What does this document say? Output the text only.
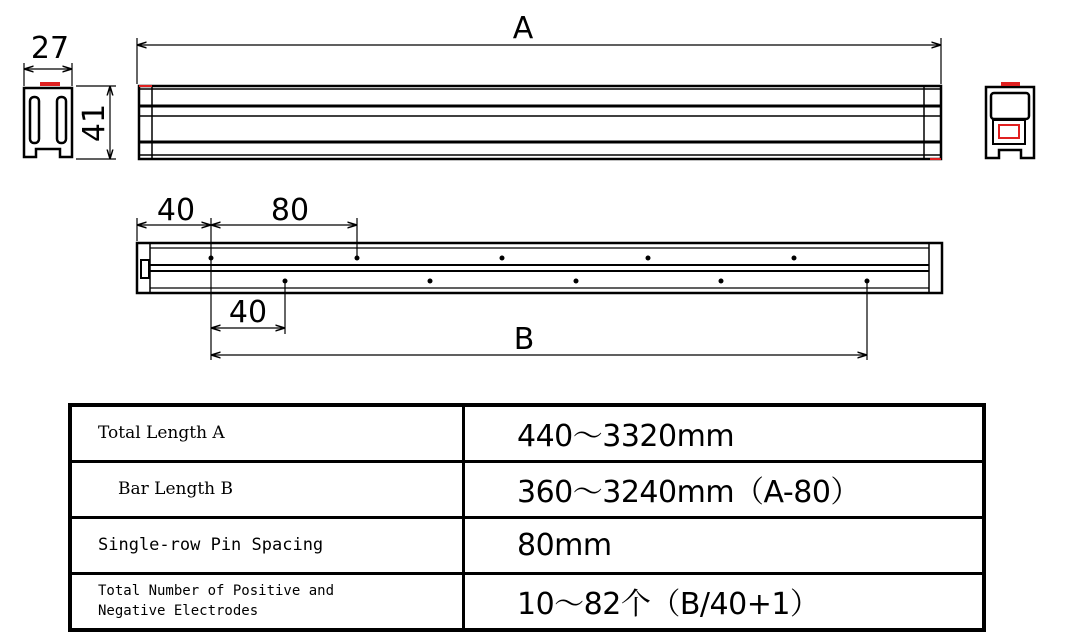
27
41
A
40	80
40
B
Total Length A	440～3320mm
Bar Length B	360～3240mm（A-80）
Single-row Pin Spacing	80mm

Total Number of Positive and
Negative Electrodes	10～82个（B/40+1）
